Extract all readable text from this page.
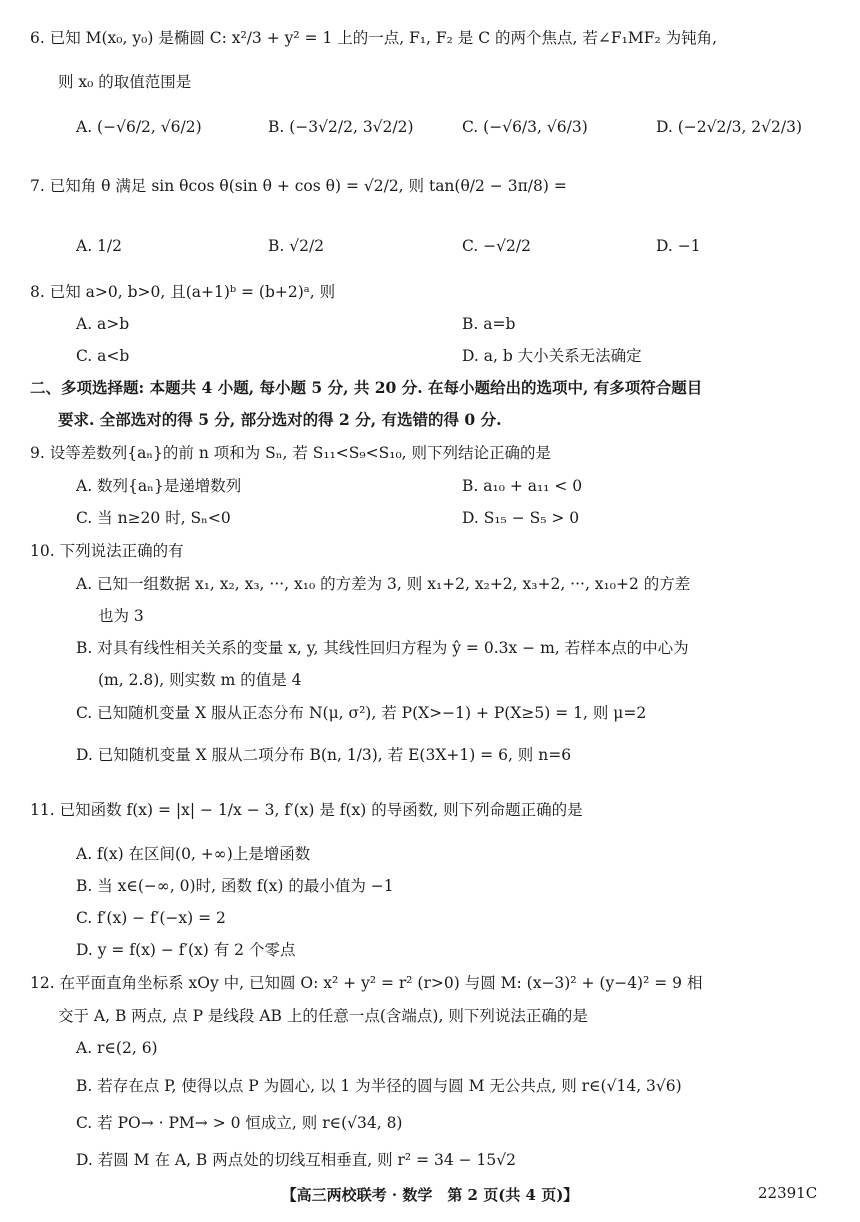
6. 已知 M(x₀, y₀) 是椭圆 C: x²/3 + y² = 1 上的一点, F₁, F₂ 是 C 的两个焦点, 若∠F₁MF₂ 为钝角,
则 x₀ 的取值范围是
A. (−√6/2, √6/2)	B. (−3√2/2, 3√2/2)	C. (−√6/3, √6/3)	D. (−2√2/3, 2√2/3)
7. 已知角 θ 满足 sin θcos θ(sin θ + cos θ) = √2/2, 则 tan(θ/2 − 3π/8) =
A. 1/2	B. √2/2	C. −√2/2	D. −1
8. 已知 a>0, b>0, 且(a+1)ᵇ = (b+2)ᵃ, 则
A. a>b	B. a=b
C. a<b	D. a, b 大小关系无法确定
二、多项选择题: 本题共 4 小题, 每小题 5 分, 共 20 分. 在每小题给出的选项中, 有多项符合题目
要求. 全部选对的得 5 分, 部分选对的得 2 分, 有选错的得 0 分.
9. 设等差数列{aₙ}的前 n 项和为 Sₙ, 若 S₁₁<S₉<S₁₀, 则下列结论正确的是
A. 数列{aₙ}是递增数列	B. a₁₀ + a₁₁ < 0
C. 当 n≥20 时, Sₙ<0	D. S₁₅ − S₅ > 0
10. 下列说法正确的有
A. 已知一组数据 x₁, x₂, x₃, ···, x₁₀ 的方差为 3, 则 x₁+2, x₂+2, x₃+2, ···, x₁₀+2 的方差
也为 3
B. 对具有线性相关关系的变量 x, y, 其线性回归方程为 ŷ = 0.3x − m, 若样本点的中心为
(m, 2.8), 则实数 m 的值是 4
C. 已知随机变量 X 服从正态分布 N(μ, σ²), 若 P(X>−1) + P(X≥5) = 1, 则 μ=2
D. 已知随机变量 X 服从二项分布 B(n, 1/3), 若 E(3X+1) = 6, 则 n=6
11. 已知函数 f(x) = |x| − 1/x − 3, f′(x) 是 f(x) 的导函数, 则下列命题正确的是
A. f(x) 在区间(0, +∞)上是增函数
B. 当 x∈(−∞, 0)时, 函数 f(x) 的最小值为 −1
C. f′(x) − f′(−x) = 2
D. y = f(x) − f′(x) 有 2 个零点
12. 在平面直角坐标系 xOy 中, 已知圆 O: x² + y² = r² (r>0) 与圆 M: (x−3)² + (y−4)² = 9 相
交于 A, B 两点, 点 P 是线段 AB 上的任意一点(含端点), 则下列说法正确的是
A. r∈(2, 6)
B. 若存在点 P, 使得以点 P 为圆心, 以 1 为半径的圆与圆 M 无公共点, 则 r∈(√14, 3√6)
C. 若 PO→ · PM→ > 0 恒成立, 则 r∈(√34, 8)
D. 若圆 M 在 A, B 两点处的切线互相垂直, 则 r² = 34 − 15√2
【高三两校联考 · 数学　第 2 页(共 4 页)】	22391C
